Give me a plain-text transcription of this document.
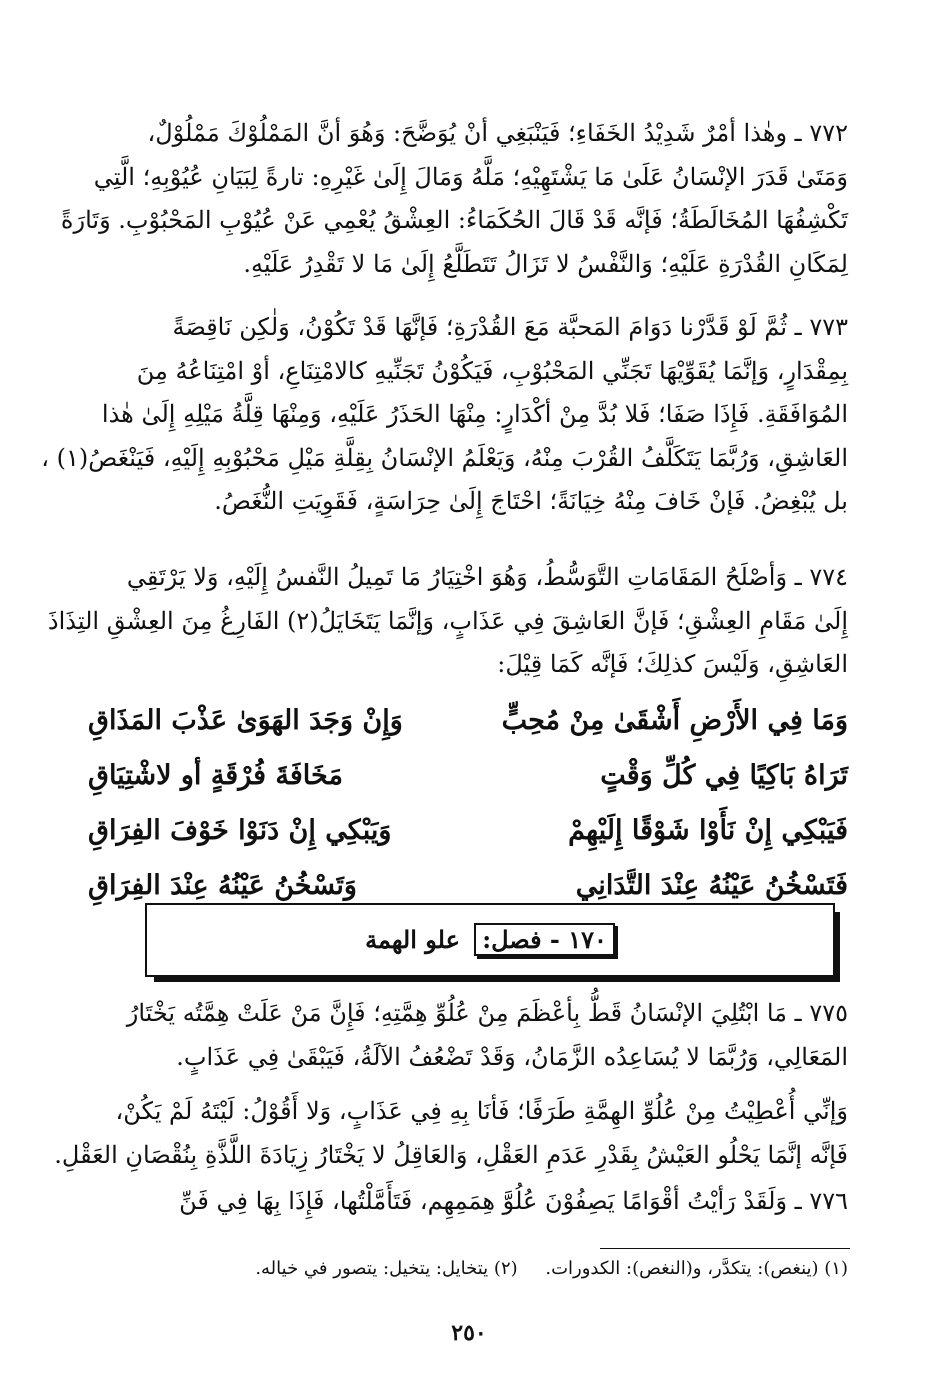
٧٧٢ ـ وهٰذا أمْرٌ شَدِيْدُ الخَفَاءِ؛ فَيَنْبَغِي أنْ يُوَضَّحَ: وَهُوَ أنَّ المَمْلُوْكَ مَمْلُوْلٌ،
وَمَتَىٰ قَدَرَ الإنْسَانُ عَلَىٰ مَا يَشْتَهِيْهِ؛ مَلَّهُ وَمَالَ إِلَىٰ غَيْرِهِ: تارةً لِبَيَانِ عُيُوْبِهِ؛ الَّتِي
تَكْشِفُهَا المُخَالَطَةُ؛ فَإنَّه قَدْ قَالَ الحُكَمَاءُ: العِشْقُ يُعْمِي عَنْ عُيُوْبِ المَحْبُوْبِ. وَتَارَةً
لِمَكَانِ القُدْرَةِ عَلَيْهِ؛ وَالنَّفْسُ لا تَزَالُ تَتَطَلَّعُ إِلَىٰ مَا لا تَقْدِرُ عَلَيْهِ.
٧٧٣ ـ ثُمَّ لَوْ قَدَّرْنا دَوَامَ المَحبَّة مَعَ القُدْرَةِ؛ فَإنَّهَا قَدْ تَكُوْنُ، وَلٰكِن نَاقِصَةً
بِمِقْدَارٍ، وَإنَّمَا يُقَوِّيْهَا تَجَنِّي المَحْبُوْبِ، فَيَكُوْنُ تَجَنِّيهِ كالامْتِنَاعِ، أوْ امْتِنَاعُهُ مِنَ
المُوَافَقَةِ. فَإِذَا صَفَا؛ فَلا بُدَّ مِنْ أكْدَارٍ: مِنْهَا الحَذَرُ عَلَيْهِ، وَمِنْهَا قِلَّةُ مَيْلِهِ إِلَىٰ هٰذا
العَاشِقِ، وَرُبَّمَا يَتَكَلَّفُ القُرْبَ مِنْهُ، وَيَعْلَمُ الإنْسَانُ بِقِلَّةِ مَيْلِ مَحْبُوْبِهِ إِلَيْهِ، فَيَنْغَصُ(١) ،
بل يُبْغِضُ. فَإنْ خَافَ مِنْهُ خِيَانَةً؛ احْتَاجَ إِلَىٰ حِرَاسَةٍ، فَقَوِيَتِ النُّغَصُ.
٧٧٤ ـ وَأصْلَحُ المَقَامَاتِ التَّوَسُّطُ، وَهُوَ اخْتِيَارُ مَا تَمِيلُ النَّفسُ إِلَيْهِ، وَلا يَرْتَقِي
إِلَىٰ مَقَامِ العِشْقِ؛ فَإنَّ العَاشِقَ فِي عَذَابٍ، وَإنَّمَا يَتَخَايَلُ(٢) الفَارِغُ مِنَ العِشْقِ التِذَاذَ
العَاشِقِ، وَلَيْسَ كذلِكَ؛ فَإنَّه كَمَا قِيْلَ:
وَمَا فِي الأَرْضِ أَشْقَىٰ مِنْ مُحِبٍّ
وَإِنْ وَجَدَ الهَوَىٰ عَذْبَ المَذَاقِ
تَرَاهُ بَاكِيًا فِي كُلِّ وَقْتٍ
مَخَافَةَ فُرْقَةٍ أو لاشْتِيَاقِ
فَيَبْكِي إِنْ نَأَوْا شَوْقًا إِلَيْهِمْ
وَيَبْكِي إِنْ دَنَوْا خَوْفَ الفِرَاقِ
فَتَسْخُنُ عَيْنُهُ عِنْدَ التَّدَانِي
وَتَسْخُنُ عَيْنُهُ عِنْدَ الفِرَاقِ
١٧٠ - فصل: علو الهمة
٧٧٥ ـ مَا ابْتُلِيَ الإنْسَانُ قَطُّ بِأعْظَمَ مِنْ عُلُوِّ هِمَّتِهِ؛ فَإِنَّ مَنْ عَلَتْ هِمَّتُه يَخْتَارُ
المَعَالِي، وَرُبَّمَا لا يُسَاعِدُه الزَّمَانُ، وَقَدْ تَضْعُفُ الآلَةُ، فَيَبْقَىٰ فِي عَذَابٍ.
وَإنِّي أُعْطِيْتُ مِنْ عُلُوِّ الهِمَّةِ طَرَفًا؛ فَأنَا بِهِ فِي عَذَابٍ، وَلا أَقُوْلُ: لَيْتَهُ لَمْ يَكُنْ،
فَإنَّه إنَّمَا يَحْلُو العَيْشُ بِقَدْرِ عَدَمِ العَقْلِ، وَالعَاقِلُ لا يَخْتَارُ زِيَادَةَ اللَّذَّةِ بِنُقْصَانِ العَقْلِ.
٧٧٦ ـ وَلَقَدْ رَأيْتُ أقْوَامًا يَصِفُوْنَ عُلُوَّ هِمَمِهِم، فَتَأَمَّلْتُها، فَإِذَا بِهَا فِي فَنِّ
(١) (ينغص): يتكدَّر، و(النغص): الكدورات. (٢) يتخايل: يتخيل: يتصور في خياله.
٢٥٠
